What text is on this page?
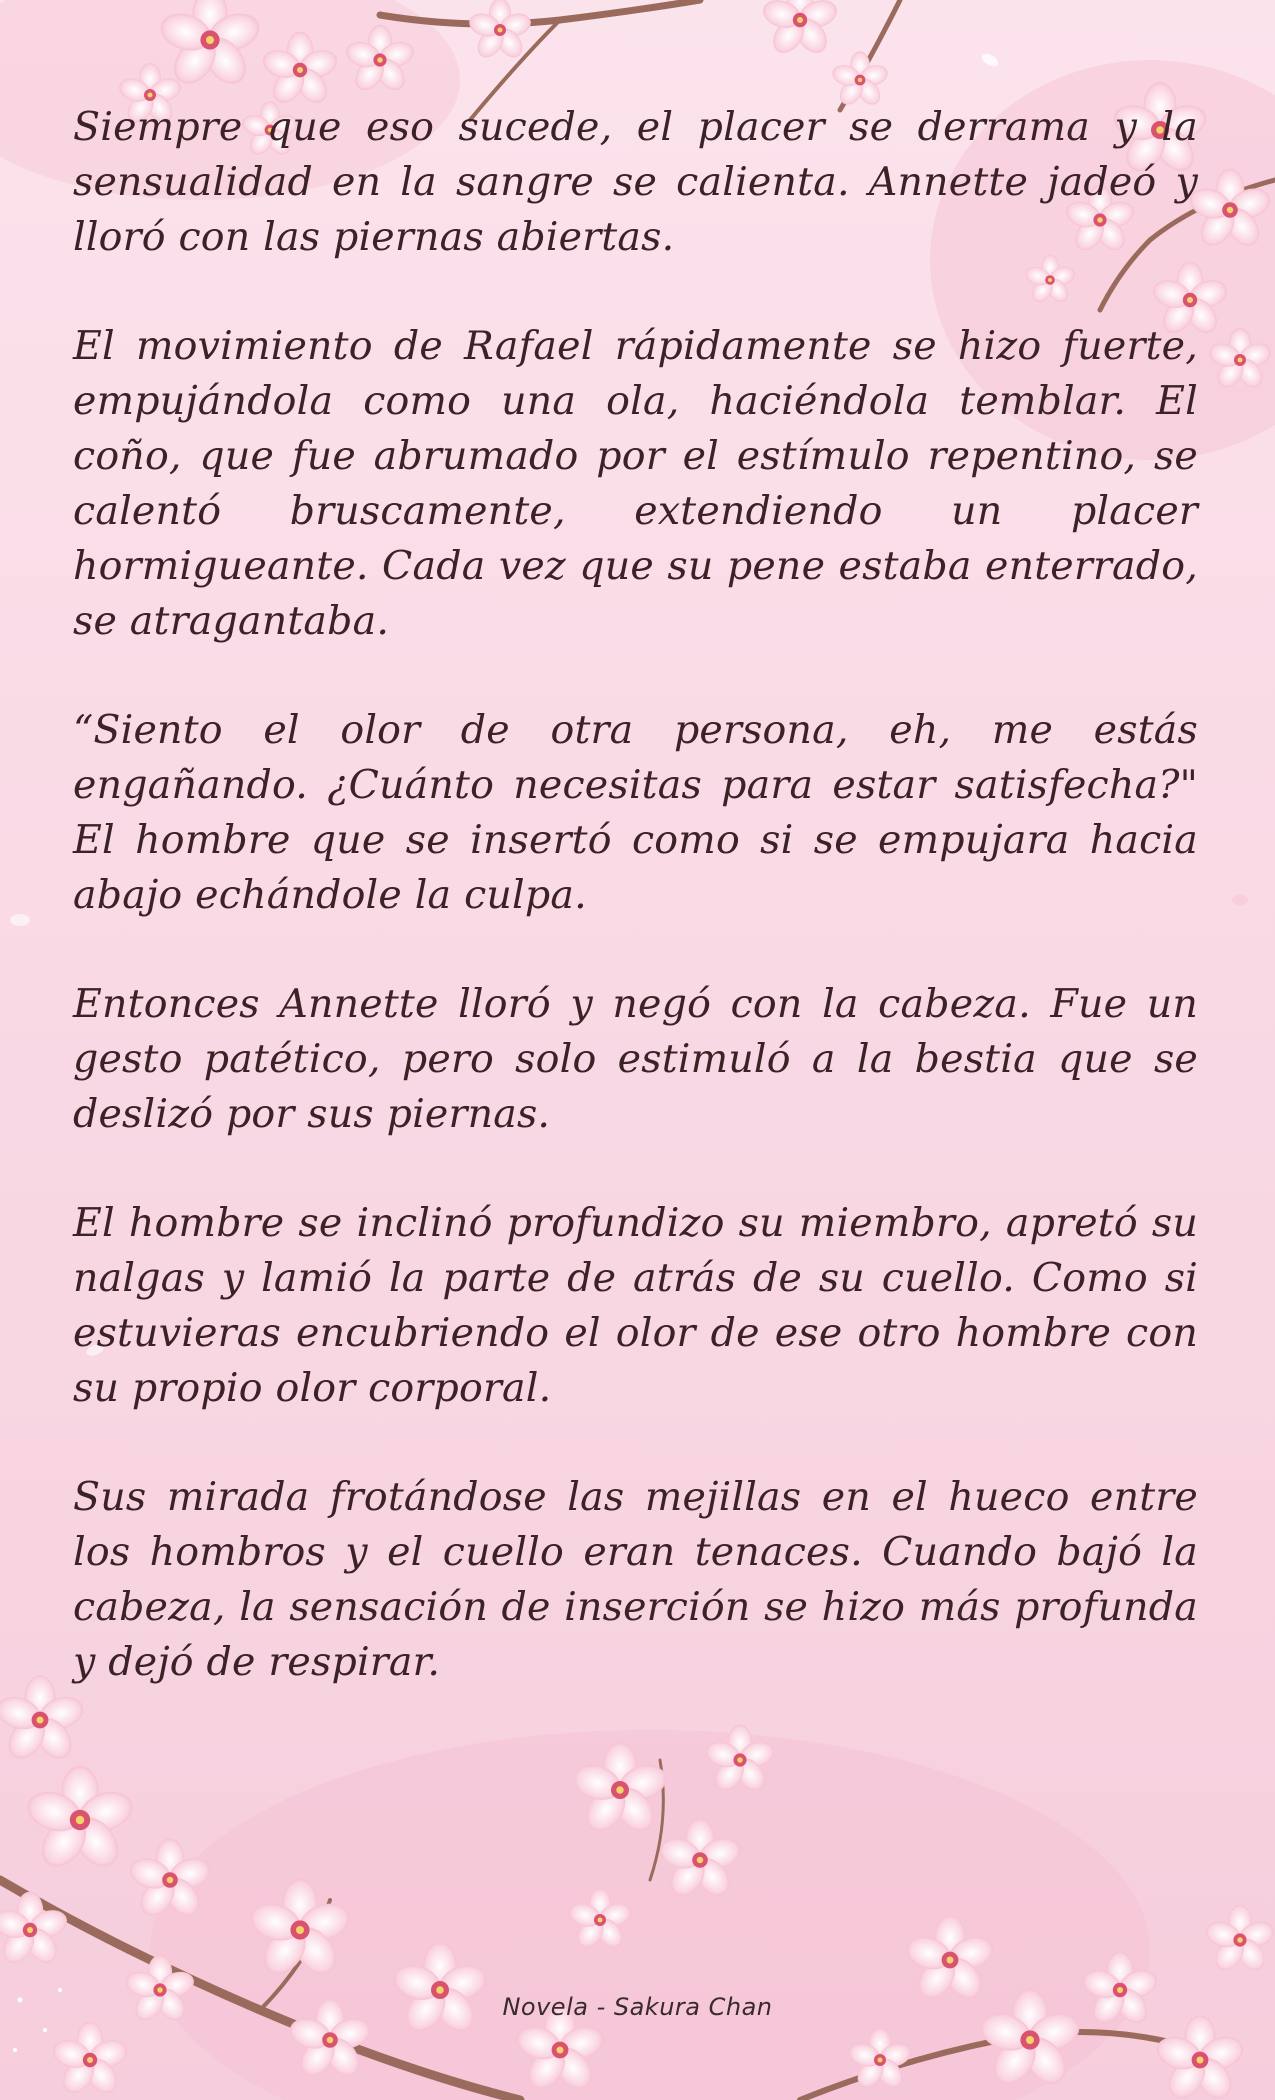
Siempre que eso sucede, el placer se derrama y la sensualidad en la sangre se calienta. Annette jadeó y lloró con las piernas abiertas.

El movimiento de Rafael rápidamente se hizo fuerte, empujándola como una ola, haciéndola temblar. El coño, que fue abrumado por el estímulo repentino, se calentó bruscamente, extendiendo un placer hormigueante. Cada vez que su pene estaba enterrado, se atragantaba.

“Siento el olor de otra persona, eh, me estás engañando. ¿Cuánto necesitas para estar satisfecha?" El hombre que se insertó como si se empujara hacia abajo echándole la culpa.

Entonces Annette lloró y negó con la cabeza. Fue un gesto patético, pero solo estimuló a la bestia que se deslizó por sus piernas.

El hombre se inclinó profundizo su miembro, apretó su nalgas y lamió la parte de atrás de su cuello. Como si estuvieras encubriendo el olor de ese otro hombre con su propio olor corporal.

Sus mirada frotándose las mejillas en el hueco entre los hombros y el cuello eran tenaces. Cuando bajó la cabeza, la sensación de inserción se hizo más profunda y dejó de respirar.

Novela - Sakura Chan
